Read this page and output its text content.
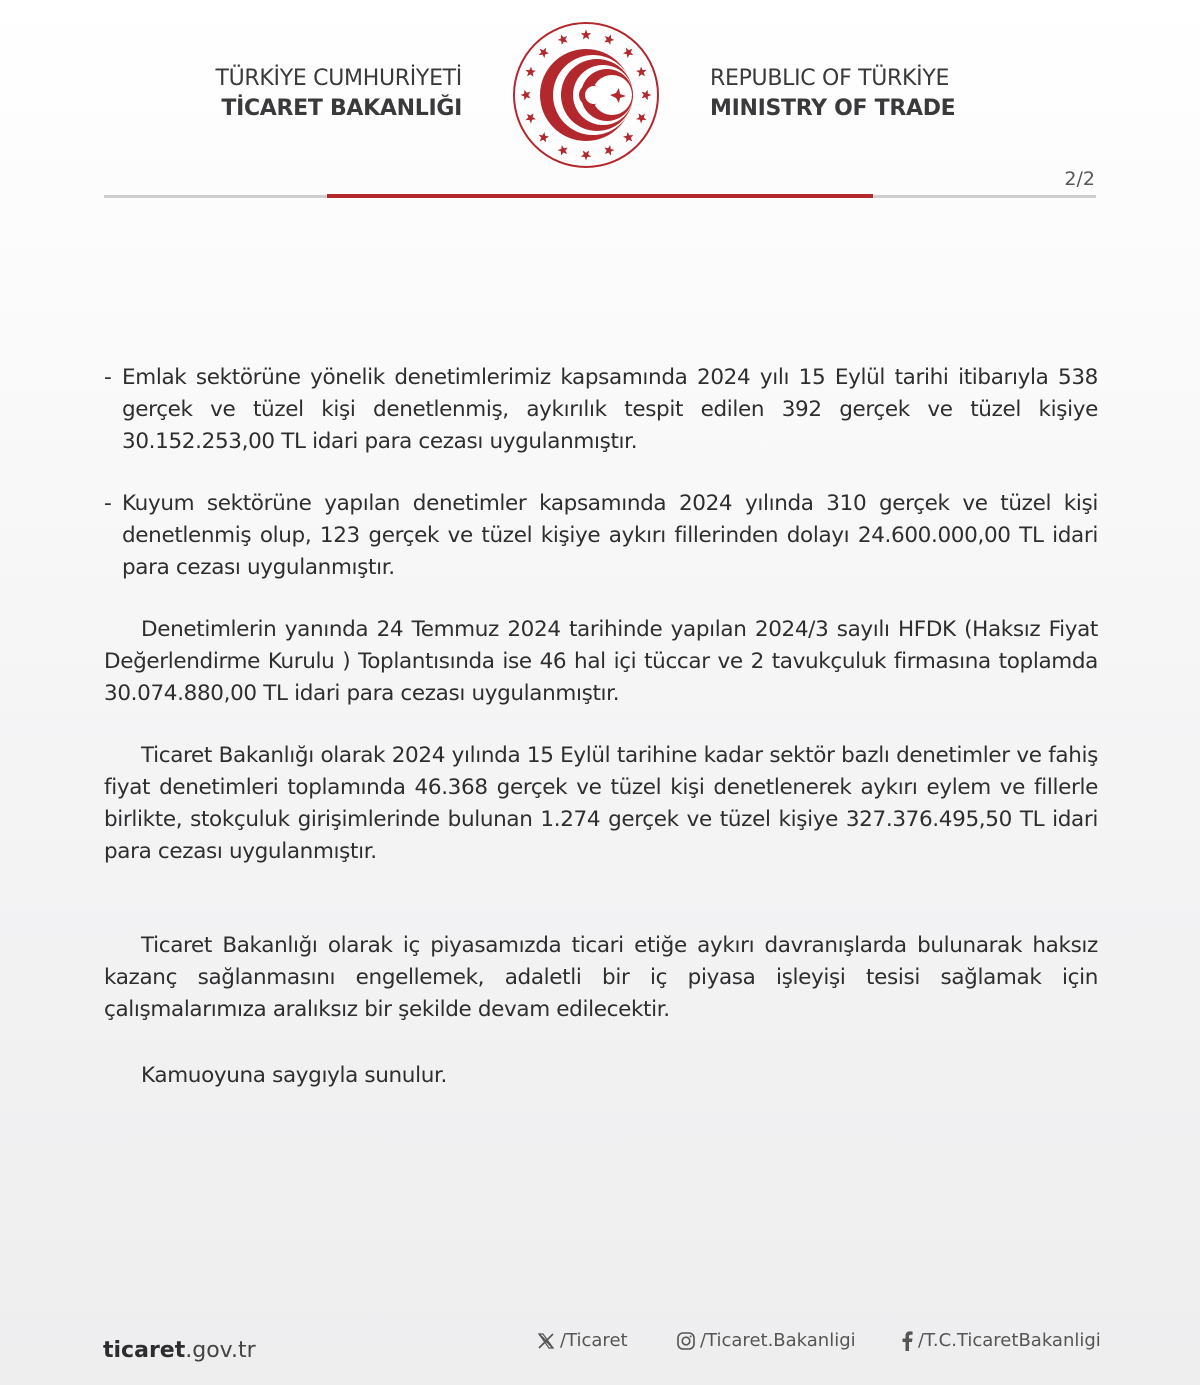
TÜRKİYE CUMHURİYETİ
TİCARET BAKANLIĞI
REPUBLIC OF TÜRKİYE
MINISTRY OF TRADE
2/2
- Emlak sektörüne yönelik denetimlerimiz kapsamında 2024 yılı 15 Eylül tarihi itibarıyla 538 gerçek ve tüzel kişi denetlenmiş, aykırılık tespit edilen 392 gerçek ve tüzel kişiye 30.152.253,00 TL idari para cezası uygulanmıştır.
- Kuyum sektörüne yapılan denetimler kapsamında 2024 yılında 310 gerçek ve tüzel kişi denetlenmiş olup, 123 gerçek ve tüzel kişiye aykırı fillerinden dolayı 24.600.000,00 TL idari para cezası uygulanmıştır.

Denetimlerin yanında 24 Temmuz 2024 tarihinde yapılan 2024/3 sayılı HFDK (Haksız Fiyat Değerlendirme Kurulu ) Toplantısında ise 46 hal içi tüccar ve 2 tavukçuluk firmasına toplamda 30.074.880,00 TL idari para cezası uygulanmıştır.

Ticaret Bakanlığı olarak 2024 yılında 15 Eylül tarihine kadar sektör bazlı denetimler ve fahiş fiyat denetimleri toplamında 46.368 gerçek ve tüzel kişi denetlenerek aykırı eylem ve fillerle birlikte, stokçuluk girişimlerinde bulunan 1.274 gerçek ve tüzel kişiye 327.376.495,50 TL idari para cezası uygulanmıştır.

Ticaret Bakanlığı olarak iç piyasamızda ticari etiğe aykırı davranışlarda bulunarak haksız kazanç sağlanmasını engellemek, adaletli bir iç piyasa işleyişi tesisi sağlamak için çalışmalarımıza aralıksız bir şekilde devam edilecektir.

Kamuoyuna saygıyla sunulur.

ticaret.gov.tr	/Ticaret	/Ticaret.Bakanligi	/T.C.TicaretBakanligi
